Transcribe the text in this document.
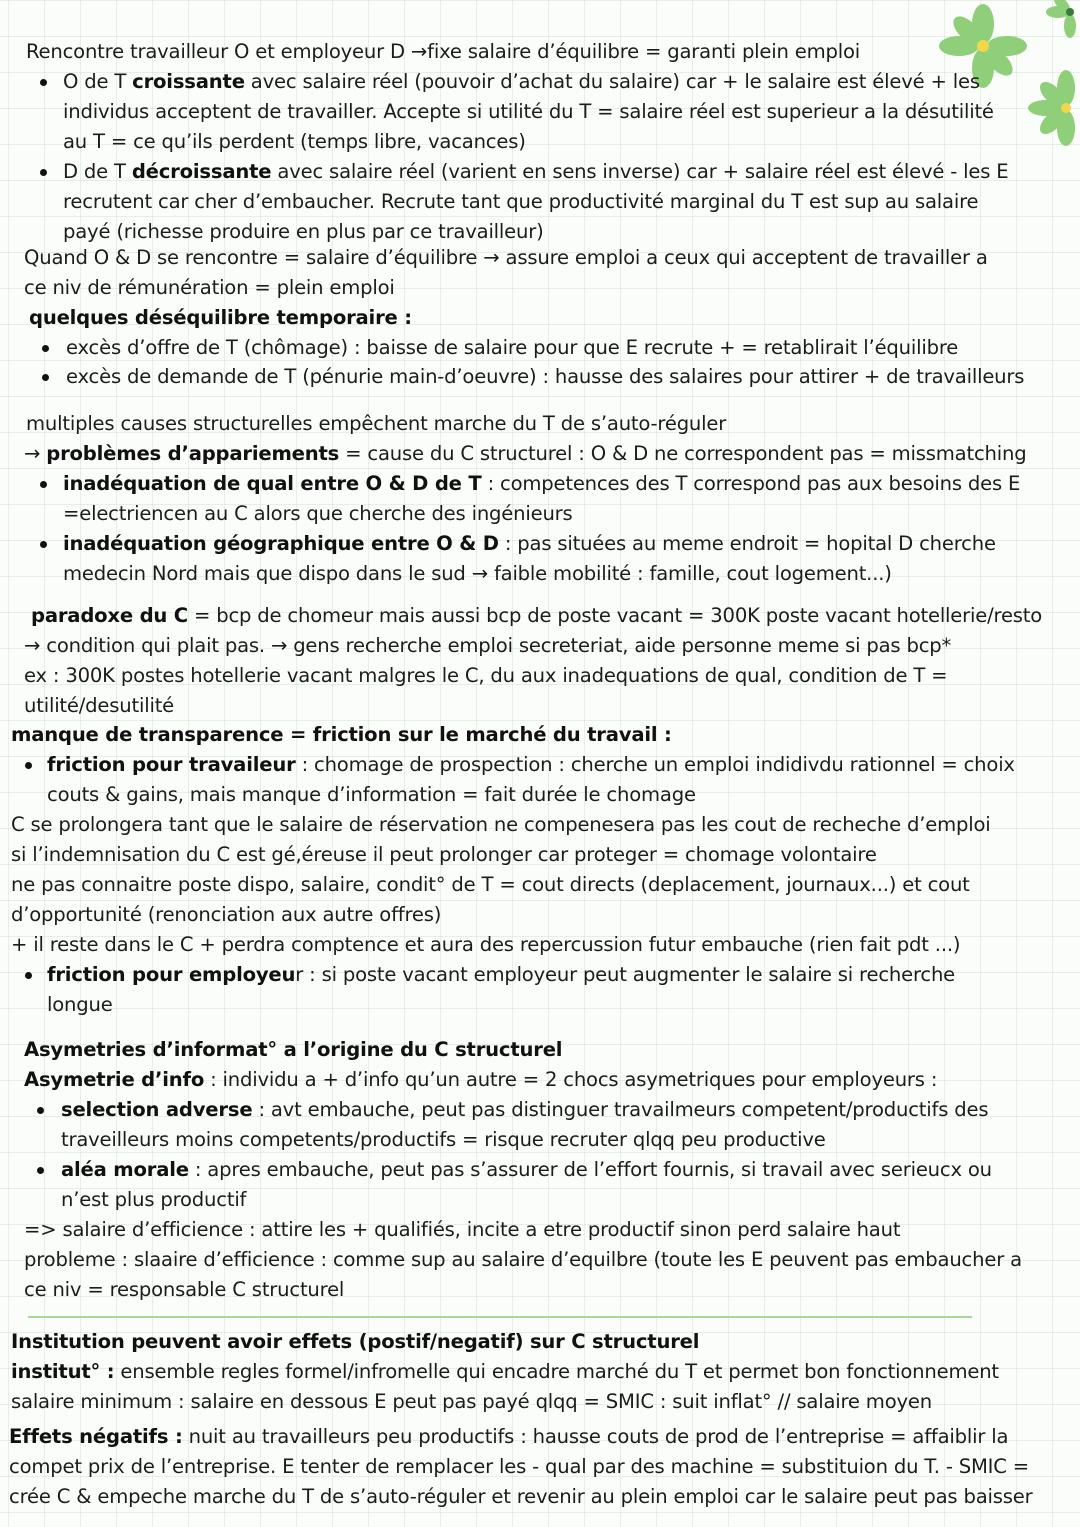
Rencontre travailleur O et employeur D →fixe salaire d’équilibre = garanti plein emploi
O de T croissante avec salaire réel (pouvoir d’achat du salaire) car + le salaire est élevé + les
individus acceptent de travailler. Accepte si utilité du T = salaire réel est superieur a la désutilité
au T = ce qu’ils perdent (temps libre, vacances)
D de T décroissante avec salaire réel (varient en sens inverse) car + salaire réel est élevé - les E
recrutent car cher d’embaucher. Recrute tant que productivité marginal du T est sup au salaire
payé (richesse produire en plus par ce travailleur)
Quand O & D se rencontre = salaire d’équilibre → assure emploi a ceux qui acceptent de travailler a
ce niv de rémunération = plein emploi
quelques déséquilibre temporaire :
excès d’offre de T (chômage) : baisse de salaire pour que E recrute + = retablirait l’équilibre
excès de demande de T (pénurie main-d’oeuvre) : hausse des salaires pour attirer + de travailleurs
multiples causes structurelles empêchent marche du T de s’auto-réguler
→ problèmes d’appariements = cause du C structurel : O & D ne correspondent pas = missmatching
inadéquation de qual entre O & D de T : competences des T correspond pas aux besoins des E
=electriencen au C alors que cherche des ingénieurs
inadéquation géographique entre O & D : pas situées au meme endroit = hopital D cherche
medecin Nord mais que dispo dans le sud → faible mobilité : famille, cout logement...)
paradoxe du C = bcp de chomeur mais aussi bcp de poste vacant = 300K poste vacant hotellerie/resto
→ condition qui plait pas. → gens recherche emploi secreteriat, aide personne meme si pas bcp*
ex : 300K postes hotellerie vacant malgres le C, du aux inadequations de qual, condition de T =
utilité/desutilité
manque de transparence = friction sur le marché du travail :
friction pour travaileur : chomage de prospection : cherche un emploi indidivdu rationnel = choix
couts & gains, mais manque d’information = fait durée le chomage
C se prolongera tant que le salaire de réservation ne compenesera pas les cout de recheche d’emploi
si l’indemnisation du C est gé,éreuse il peut prolonger car proteger = chomage volontaire
ne pas connaitre poste dispo, salaire, condit° de T = cout directs (deplacement, journaux...) et cout
d’opportunité (renonciation aux autre offres)
+ il reste dans le C + perdra comptence et aura des repercussion futur embauche (rien fait pdt ...)
friction pour employeur : si poste vacant employeur peut augmenter le salaire si recherche
longue
Asymetries d’informat° a l’origine du C structurel
Asymetrie d’info : individu a + d’info qu’un autre = 2 chocs asymetriques pour employeurs :
selection adverse : avt embauche, peut pas distinguer travailmeurs competent/productifs des
traveilleurs moins competents/productifs = risque recruter qlqq peu productive
aléa morale : apres embauche, peut pas s’assurer de l’effort fournis, si travail avec serieucx ou
n’est plus productif
=> salaire d’efficience : attire les + qualifiés, incite a etre productif sinon perd salaire haut
probleme : slaaire d’efficience : comme sup au salaire d’equilbre (toute les E peuvent pas embaucher a
ce niv = responsable C structurel
Institution peuvent avoir effets (postif/negatif) sur C structurel
institut° : ensemble regles formel/infromelle qui encadre marché du T et permet bon fonctionnement
salaire minimum : salaire en dessous E peut pas payé qlqq = SMIC : suit inflat° // salaire moyen
Effets négatifs : nuit au travailleurs peu productifs : hausse couts de prod de l’entreprise = affaiblir la
compet prix de l’entreprise. E tenter de remplacer les - qual par des machine = substituion du T. - SMIC =
crée C & empeche marche du T de s’auto-réguler et revenir au plein emploi car le salaire peut pas baisser
